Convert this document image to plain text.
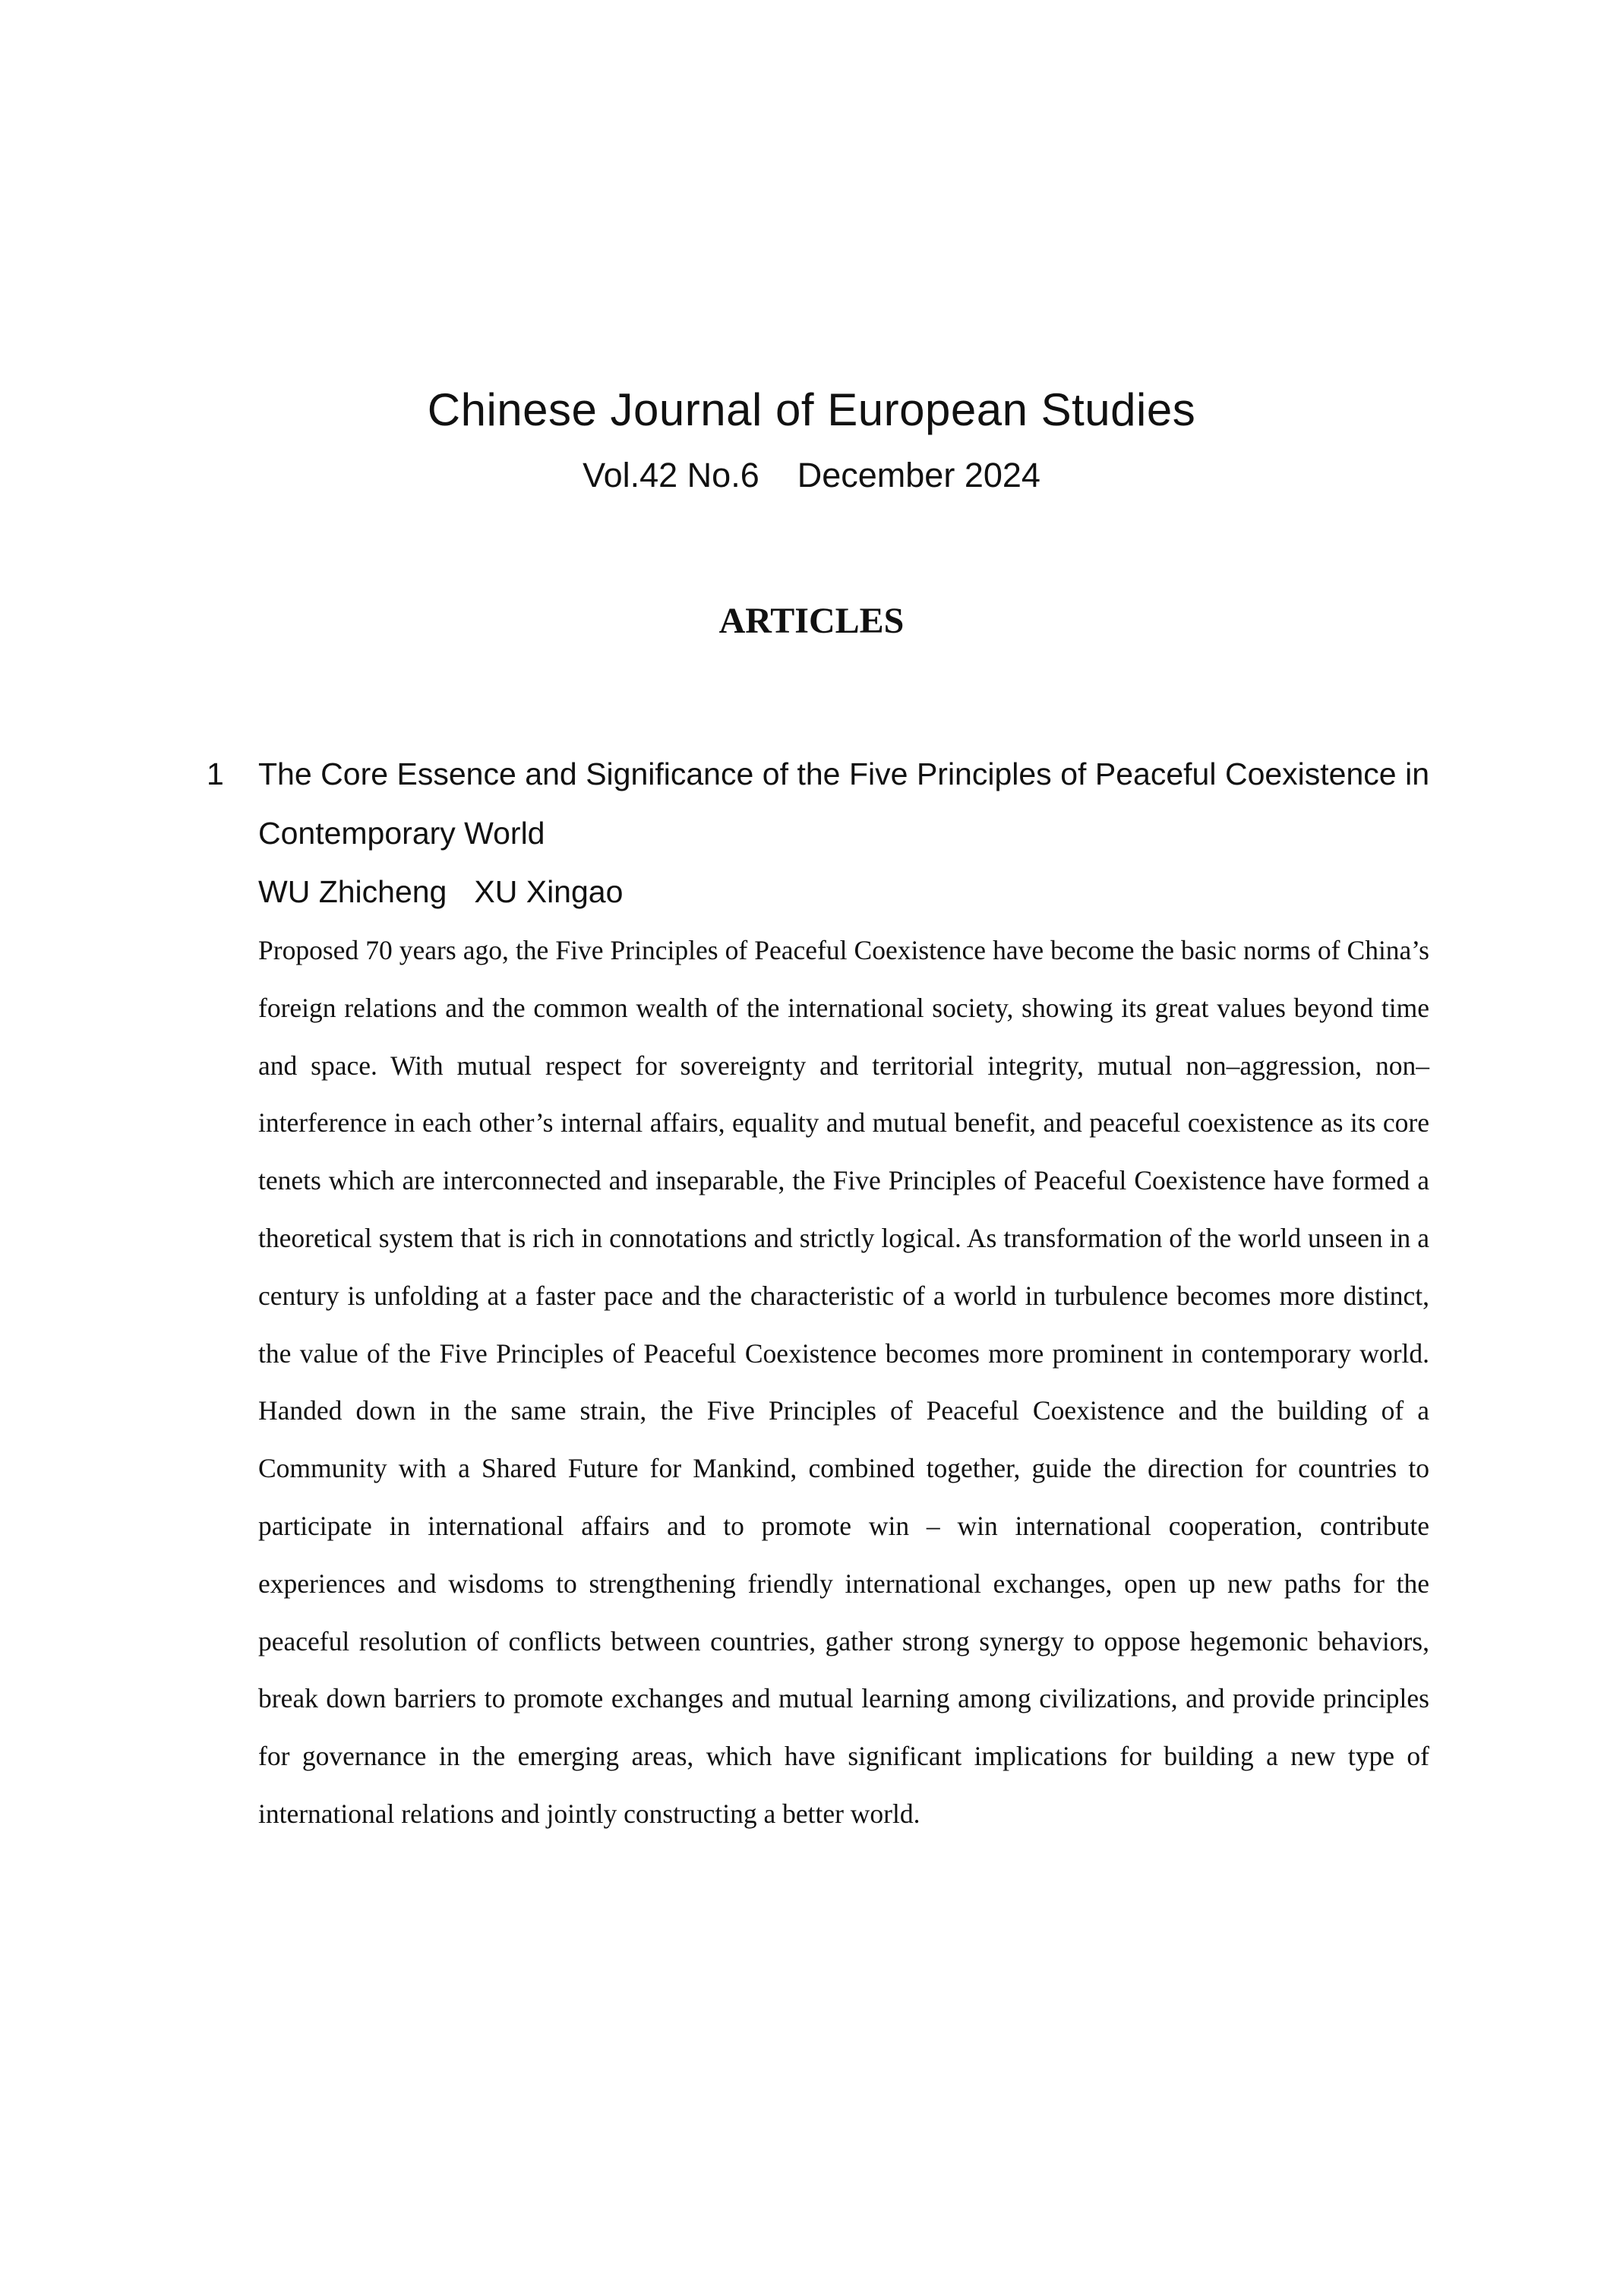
Chinese Journal of European Studies
Vol.42 No.6 December 2024
ARTICLES
1	The Core Essence and Significance of the Five Principles of Peaceful Coexistence in Contemporary World

WU Zhicheng XU Xingao

Proposed 70 years ago, the Five Principles of Peaceful Coexistence have become the basic norms of China’s foreign relations and the common wealth of the international society, showing its great values beyond time and space. With mutual respect for sovereignty and territorial integrity, mutual non–aggression, non–interference in each other’s internal affairs, equality and mutual benefit, and peaceful coexistence as its core tenets which are interconnected and inseparable, the Five Principles of Peaceful Coexistence have formed a theoretical system that is rich in connotations and strictly logical. As transformation of the world unseen in a century is unfolding at a faster pace and the characteristic of a world in turbulence becomes more distinct, the value of the Five Principles of Peaceful Coexistence becomes more prominent in contemporary world. Handed down in the same strain, the Five Principles of Peaceful Coexistence and the building of a Community with a Shared Future for Mankind, combined together, guide the direction for countries to participate in international affairs and to promote win – win international cooperation, contribute experiences and wisdoms to strengthening friendly international exchanges, open up new paths for the peaceful resolution of conflicts between countries, gather strong synergy to oppose hegemonic behaviors, break down barriers to promote exchanges and mutual learning among civilizations, and provide principles for governance in the emerging areas, which have significant implications for building a new type of international relations and jointly constructing a better world.
